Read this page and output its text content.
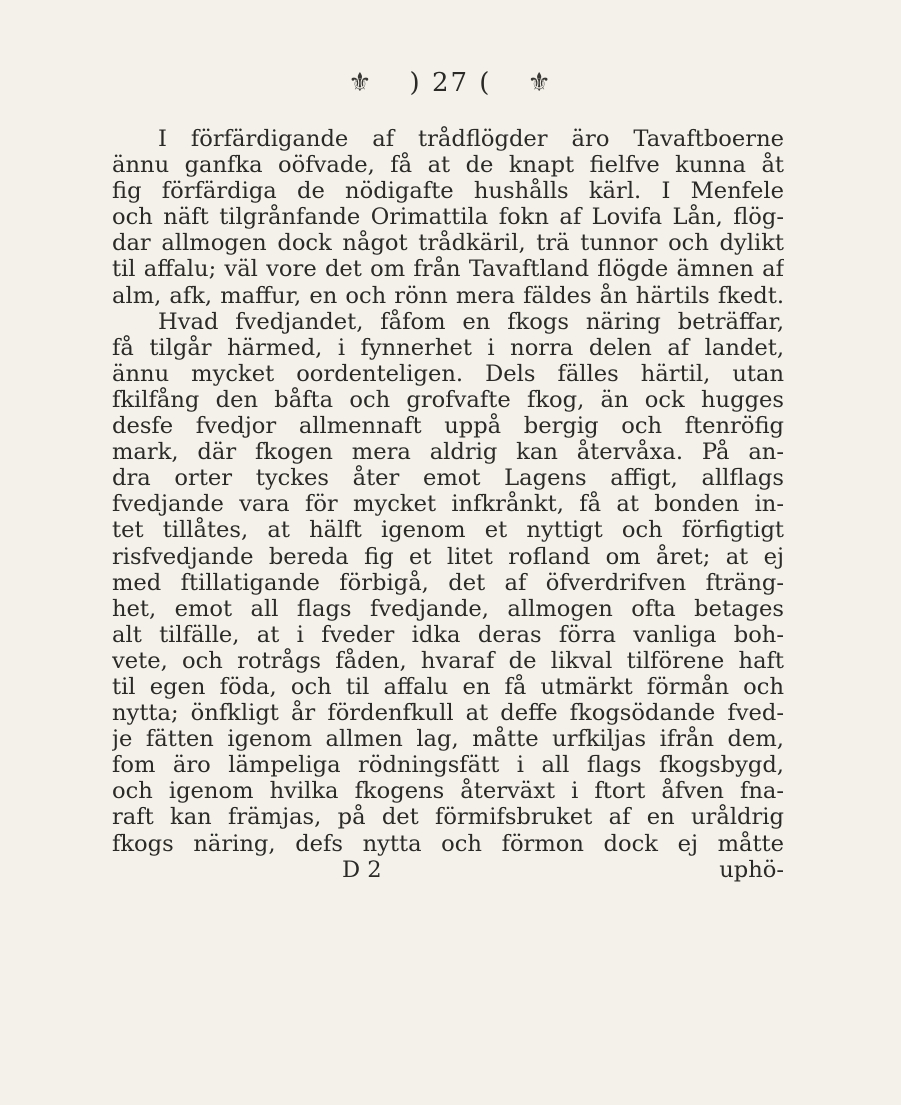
⚜ ) 27 ( ⚜
I förfärdigande af trådflögder äro Tavaftboerne
ännu ganfka oöfvade, få at de knapt fielfve kunna åt
fig förfärdiga de nödigafte hushålls kärl. I Menfele
och näft tilgrånfande Orimattila fokn af Lovifa Lån, flög-
dar allmogen dock något trådkäril, trä tunnor och dylikt
til affalu; väl vore det om från Tavaftland flögde ämnen af
alm, afk, maffur, en och rönn mera fäldes ån härtils fkedt.
Hvad fvedjandet, fåfom en fkogs näring beträffar,
få tilgår härmed, i fynnerhet i norra delen af landet,
ännu mycket oordenteligen. Dels fälles härtil, utan
fkilfång den båfta och grofvafte fkog, än ock hugges
desfe fvedjor allmennaft uppå bergig och ftenröfig
mark, där fkogen mera aldrig kan återvåxa. På an-
dra orter tyckes åter emot Lagens affigt, allflags
fvedjande vara för mycket infkrånkt, få at bonden in-
tet tillåtes, at hälft igenom et nyttigt och förfigtigt
risfvedjande bereda fig et litet rofland om året; at ej
med ftillatigande förbigå, det af öfverdrifven fträng-
het, emot all flags fvedjande, allmogen ofta betages
alt tilfälle, at i fveder idka deras förra vanliga boh-
vete, och rotrågs fåden, hvaraf de likval tilförene haft
til egen föda, och til affalu en få utmärkt förmån och
nytta; önfkligt år fördenfkull at deffe fkogsödande fved-
je fätten igenom allmen lag, måtte urfkiljas ifrån dem,
fom äro lämpeliga rödningsfätt i all flags fkogsbygd,
och igenom hvilka fkogens återväxt i ftort åfven fna-
raft kan främjas, på det förmifsbruket af en uråldrig
fkogs näring, defs nytta och förmon dock ej måtte
D 2	uphö-
